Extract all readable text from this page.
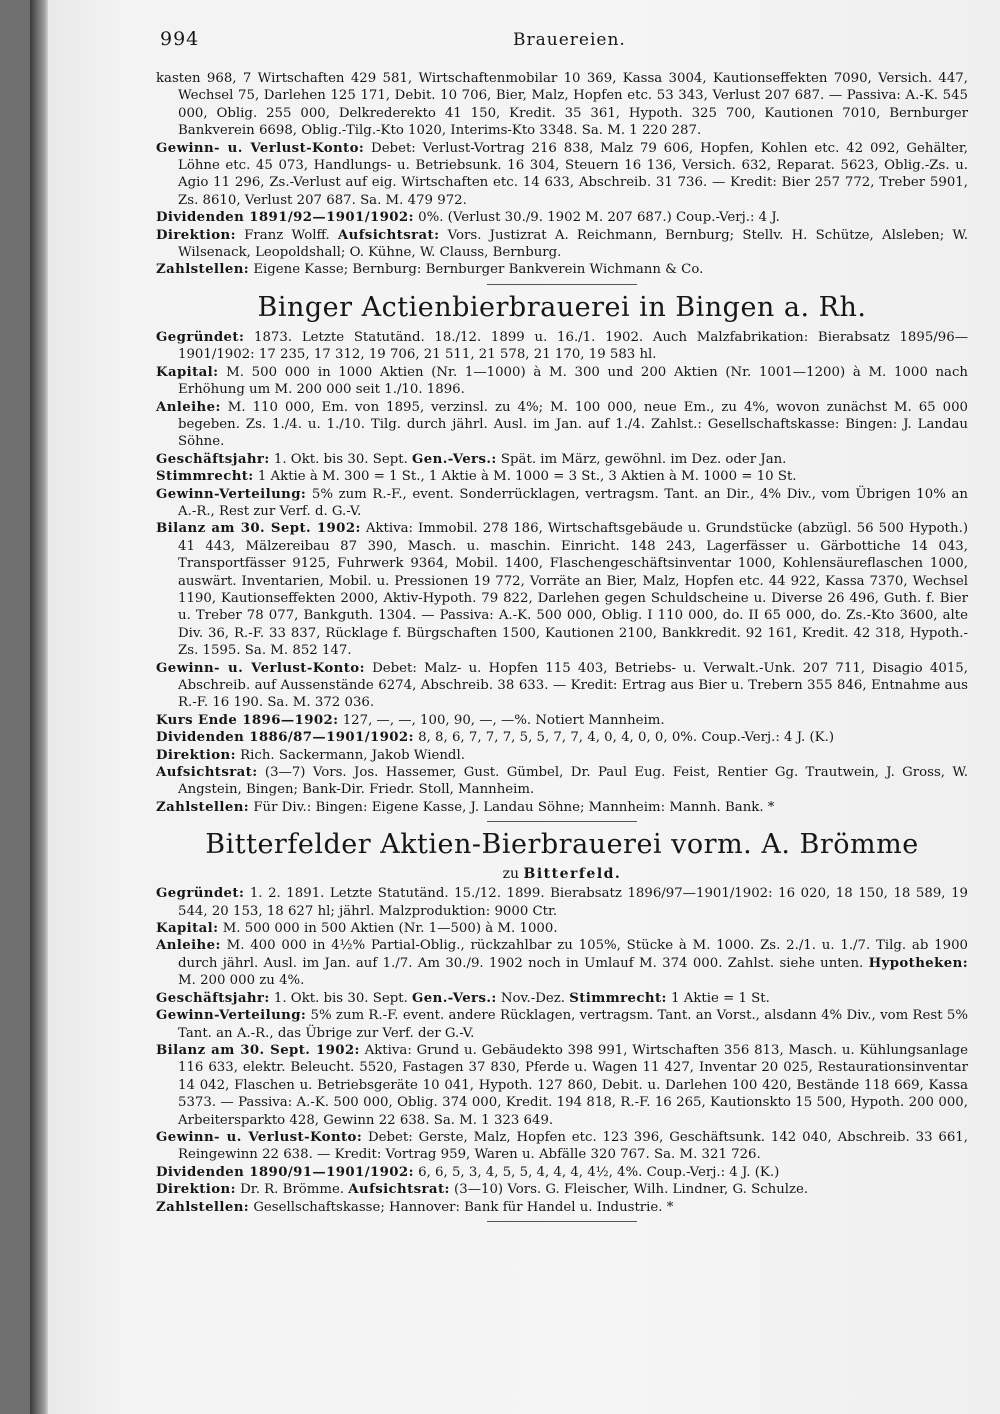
994	Brauereien.

kasten 968, 7 Wirtschaften 429 581, Wirtschaftenmobilar 10 369, Kassa 3004, Kautionseffekten 7090, Versich. 447, Wechsel 75, Darlehen 125 171, Debit. 10 706, Bier, Malz, Hopfen etc. 53 343, Verlust 207 687. — Passiva: A.-K. 545 000, Oblig. 255 000, Delkrederekto 41 150, Kredit. 35 361, Hypoth. 325 700, Kautionen 7010, Bernburger Bankverein 6698, Oblig.-Tilg.-Kto 1020, Interims-Kto 3348. Sa. M. 1 220 287.

Gewinn- u. Verlust-Konto: Debet: Verlust-Vortrag 216 838, Malz 79 606, Hopfen, Kohlen etc. 42 092, Gehälter, Löhne etc. 45 073, Handlungs- u. Betriebsunk. 16 304, Steuern 16 136, Versich. 632, Reparat. 5623, Oblig.-Zs. u. Agio 11 296, Zs.-Verlust auf eig. Wirtschaften etc. 14 633, Abschreib. 31 736. — Kredit: Bier 257 772, Treber 5901, Zs. 8610, Verlust 207 687. Sa. M. 479 972.

Dividenden 1891/92—1901/1902: 0%. (Verlust 30./9. 1902 M. 207 687.) Coup.-Verj.: 4 J.

Direktion: Franz Wolff. Aufsichtsrat: Vors. Justizrat A. Reichmann, Bernburg; Stellv. H. Schütze, Alsleben; W. Wilsenack, Leopoldshall; O. Kühne, W. Clauss, Bernburg.

Zahlstellen: Eigene Kasse; Bernburg: Bernburger Bankverein Wichmann & Co.

Binger Actienbierbrauerei in Bingen a. Rh.

Gegründet: 1873. Letzte Statutänd. 18./12. 1899 u. 16./1. 1902. Auch Malzfabrikation: Bierabsatz 1895/96—1901/1902: 17 235, 17 312, 19 706, 21 511, 21 578, 21 170, 19 583 hl.

Kapital: M. 500 000 in 1000 Aktien (Nr. 1—1000) à M. 300 und 200 Aktien (Nr. 1001—1200) à M. 1000 nach Erhöhung um M. 200 000 seit 1./10. 1896.

Anleihe: M. 110 000, Em. von 1895, verzinsl. zu 4%; M. 100 000, neue Em., zu 4%, wovon zunächst M. 65 000 begeben. Zs. 1./4. u. 1./10. Tilg. durch jährl. Ausl. im Jan. auf 1./4. Zahlst.: Gesellschaftskasse: Bingen: J. Landau Söhne.

Geschäftsjahr: 1. Okt. bis 30. Sept. Gen.-Vers.: Spät. im März, gewöhnl. im Dez. oder Jan.

Stimmrecht: 1 Aktie à M. 300 = 1 St., 1 Aktie à M. 1000 = 3 St., 3 Aktien à M. 1000 = 10 St.

Gewinn-Verteilung: 5% zum R.-F., event. Sonderrücklagen, vertragsm. Tant. an Dir., 4% Div., vom Übrigen 10% an A.-R., Rest zur Verf. d. G.-V.

Bilanz am 30. Sept. 1902: Aktiva: Immobil. 278 186, Wirtschaftsgebäude u. Grundstücke (abzügl. 56 500 Hypoth.) 41 443, Mälzereibau 87 390, Masch. u. maschin. Einricht. 148 243, Lagerfässer u. Gärbottiche 14 043, Transportfässer 9125, Fuhrwerk 9364, Mobil. 1400, Flaschengeschäftsinventar 1000, Kohlensäureflaschen 1000, auswärt. Inventarien, Mobil. u. Pressionen 19 772, Vorräte an Bier, Malz, Hopfen etc. 44 922, Kassa 7370, Wechsel 1190, Kautionseffekten 2000, Aktiv-Hypoth. 79 822, Darlehen gegen Schuldscheine u. Diverse 26 496, Guth. f. Bier u. Treber 78 077, Bankguth. 1304. — Passiva: A.-K. 500 000, Oblig. I 110 000, do. II 65 000, do. Zs.-Kto 3600, alte Div. 36, R.-F. 33 837, Rücklage f. Bürgschaften 1500, Kautionen 2100, Bankkredit. 92 161, Kredit. 42 318, Hypoth.-Zs. 1595. Sa. M. 852 147.

Gewinn- u. Verlust-Konto: Debet: Malz- u. Hopfen 115 403, Betriebs- u. Verwalt.-Unk. 207 711, Disagio 4015, Abschreib. auf Aussenstände 6274, Abschreib. 38 633. — Kredit: Ertrag aus Bier u. Trebern 355 846, Entnahme aus R.-F. 16 190. Sa. M. 372 036.

Kurs Ende 1896—1902: 127, —, —, 100, 90, —, —%. Notiert Mannheim.

Dividenden 1886/87—1901/1902: 8, 8, 6, 7, 7, 7, 5, 5, 7, 7, 4, 0, 4, 0, 0, 0%. Coup.-Verj.: 4 J. (K.)

Direktion: Rich. Sackermann, Jakob Wiendl.

Aufsichtsrat: (3—7) Vors. Jos. Hassemer, Gust. Gümbel, Dr. Paul Eug. Feist, Rentier Gg. Trautwein, J. Gross, W. Angstein, Bingen; Bank-Dir. Friedr. Stoll, Mannheim.

Zahlstellen: Für Div.: Bingen: Eigene Kasse, J. Landau Söhne; Mannheim: Mannh. Bank. *

Bitterfelder Aktien-Bierbrauerei vorm. A. Brömme
zu Bitterfeld.

Gegründet: 1. 2. 1891. Letzte Statutänd. 15./12. 1899. Bierabsatz 1896/97—1901/1902: 16 020, 18 150, 18 589, 19 544, 20 153, 18 627 hl; jährl. Malzproduktion: 9000 Ctr.

Kapital: M. 500 000 in 500 Aktien (Nr. 1—500) à M. 1000.

Anleihe: M. 400 000 in 4½% Partial-Oblig., rückzahlbar zu 105%, Stücke à M. 1000. Zs. 2./1. u. 1./7. Tilg. ab 1900 durch jährl. Ausl. im Jan. auf 1./7. Am 30./9. 1902 noch in Umlauf M. 374 000. Zahlst. siehe unten. Hypotheken: M. 200 000 zu 4%.

Geschäftsjahr: 1. Okt. bis 30. Sept. Gen.-Vers.: Nov.-Dez. Stimmrecht: 1 Aktie = 1 St.

Gewinn-Verteilung: 5% zum R.-F. event. andere Rücklagen, vertragsm. Tant. an Vorst., alsdann 4% Div., vom Rest 5% Tant. an A.-R., das Übrige zur Verf. der G.-V.

Bilanz am 30. Sept. 1902: Aktiva: Grund u. Gebäudekto 398 991, Wirtschaften 356 813, Masch. u. Kühlungsanlage 116 633, elektr. Beleucht. 5520, Fastagen 37 830, Pferde u. Wagen 11 427, Inventar 20 025, Restaurationsinventar 14 042, Flaschen u. Betriebsgeräte 10 041, Hypoth. 127 860, Debit. u. Darlehen 100 420, Bestände 118 669, Kassa 5373. — Passiva: A.-K. 500 000, Oblig. 374 000, Kredit. 194 818, R.-F. 16 265, Kautionskto 15 500, Hypoth. 200 000, Arbeitersparkto 428, Gewinn 22 638. Sa. M. 1 323 649.

Gewinn- u. Verlust-Konto: Debet: Gerste, Malz, Hopfen etc. 123 396, Geschäftsunk. 142 040, Abschreib. 33 661, Reingewinn 22 638. — Kredit: Vortrag 959, Waren u. Abfälle 320 767. Sa. M. 321 726.

Dividenden 1890/91—1901/1902: 6, 6, 5, 3, 4, 5, 5, 4, 4, 4, 4½, 4%. Coup.-Verj.: 4 J. (K.)

Direktion: Dr. R. Brömme. Aufsichtsrat: (3—10) Vors. G. Fleischer, Wilh. Lindner, G. Schulze.

Zahlstellen: Gesellschaftskasse; Hannover: Bank für Handel u. Industrie. *
